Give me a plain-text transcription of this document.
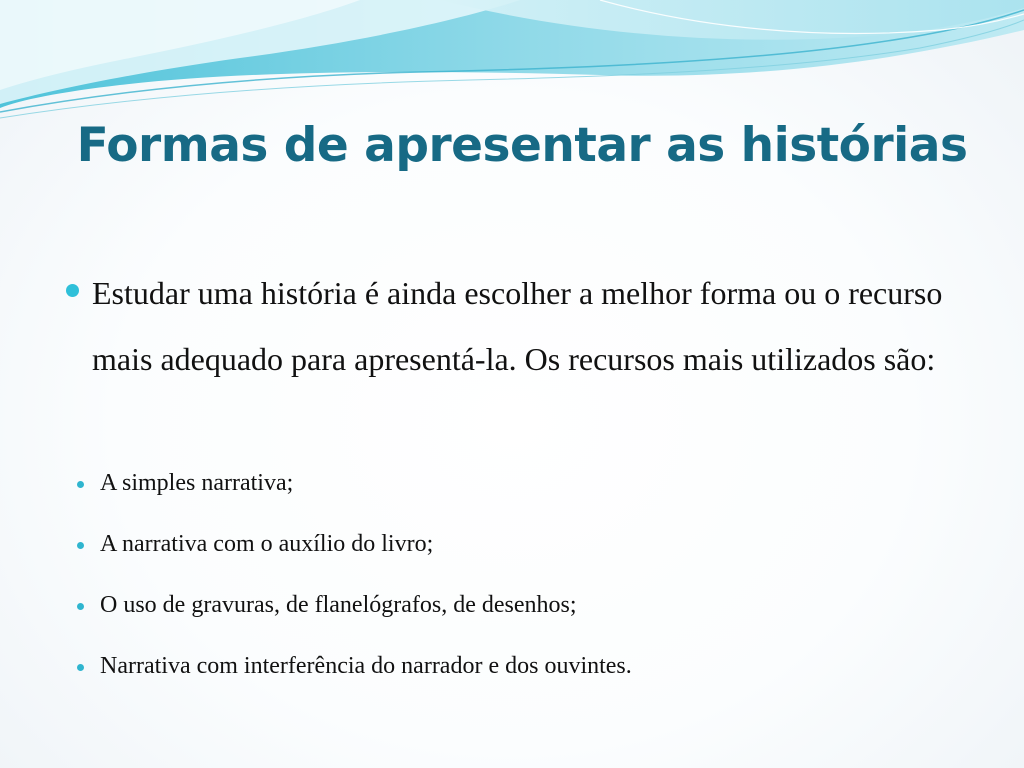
Formas de apresentar as histórias
Estudar uma história é ainda escolher a melhor forma ou o recurso mais adequado para apresentá-la. Os recursos mais utilizados são:
A simples narrativa;
A narrativa com o auxílio do livro;
O uso de gravuras, de flanelógrafos, de desenhos;
Narrativa com interferência do narrador e dos ouvintes.
